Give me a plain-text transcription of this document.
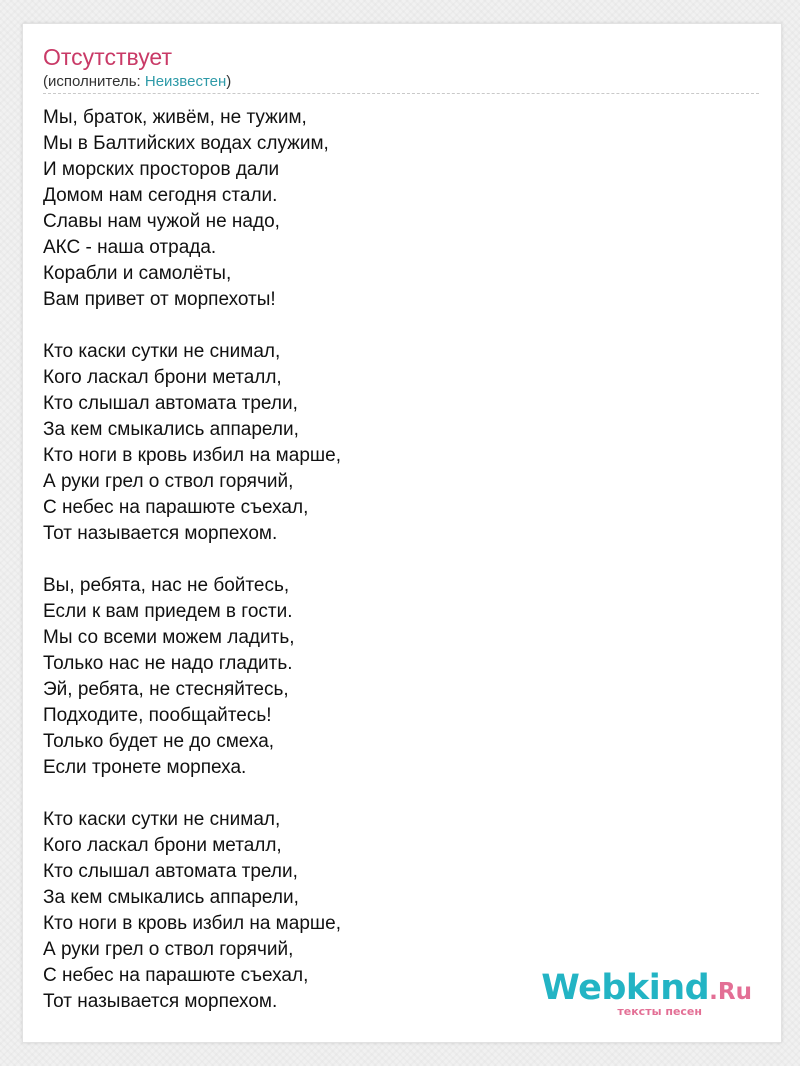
Отсутствует
(исполнитель: Неизвестен)
Мы, браток, живём, не тужим,
Мы в Балтийских водах служим,
И морских просторов дали
Домом нам сегодня стали.
Славы нам чужой не надо,
АКС - наша отрада.
Корабли и самолёты,
Вам привет от морпехоты!
Кто каски сутки не снимал,
Кого ласкал брони металл,
Кто слышал автомата трели,
За кем смыкались аппарели,
Кто ноги в кровь избил на марше,
А руки грел о ствол горячий,
С небес на парашюте съехал,
Тот называется морпехом.
Вы, ребята, нас не бойтесь,
Если к вам приедем в гости.
Мы со всеми можем ладить,
Только нас не надо гладить.
Эй, ребята, не стесняйтесь,
Подходите, пообщайтесь!
Только будет не до смеха,
Если тронете морпеха.
Кто каски сутки не снимал,
Кого ласкал брони металл,
Кто слышал автомата трели,
За кем смыкались аппарели,
Кто ноги в кровь избил на марше,
А руки грел о ствол горячий,
С небес на парашюте съехал,
Тот называется морпехом.	Webkind.Ru
тексты песен
